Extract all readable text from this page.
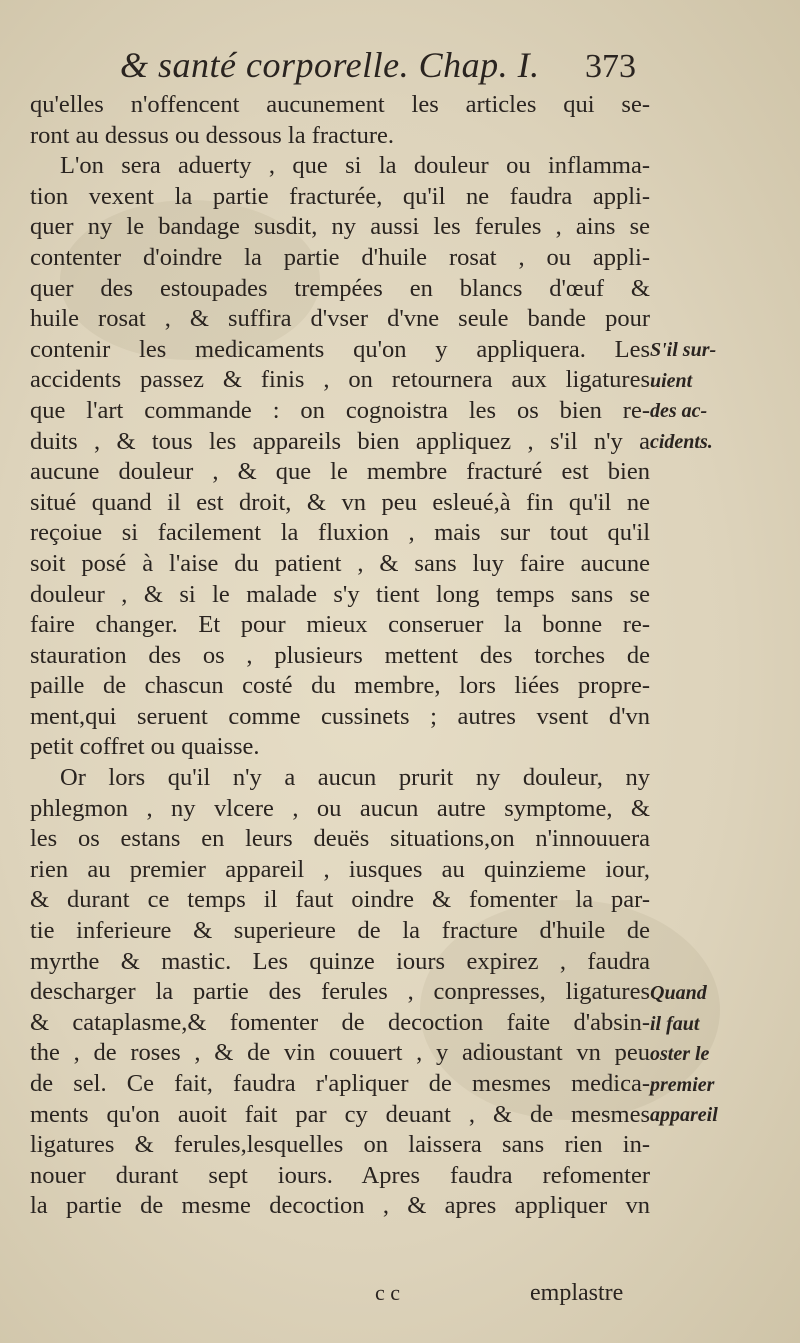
& santé corporelle. Chap. I. 373
qu'elles n'offencent aucunement les articles qui se-
ront au dessus ou dessous la fracture.
L'on sera aduerty , que si la douleur ou inflamma-
tion vexent la partie fracturée, qu'il ne faudra appli-
quer ny le bandage susdit, ny aussi les ferules , ains se
contenter d'oindre la partie d'huile rosat , ou appli-
quer des estoupades trempées en blancs d'œuf &
huile rosat , & suffira d'vser d'vne seule bande pour
contenir les medicaments qu'on y appliquera. Les
accidents passez & finis , on retournera aux ligatures
que l'art commande : on cognoistra les os bien re-
duits , & tous les appareils bien appliquez , s'il n'y a
aucune douleur , & que le membre fracturé est bien
situé quand il est droit, & vn peu esleué,à fin qu'il ne
reçoiue si facilement la fluxion , mais sur tout qu'il
soit posé à l'aise du patient , & sans luy faire aucune
douleur , & si le malade s'y tient long temps sans se
faire changer. Et pour mieux conseruer la bonne re-
stauration des os , plusieurs mettent des torches de
paille de chascun costé du membre, lors liées propre-
ment,qui seruent comme cussinets ; autres vsent d'vn
petit coffret ou quaisse.
Or lors qu'il n'y a aucun prurit ny douleur, ny
phlegmon , ny vlcere , ou aucun autre symptome, &
les os estans en leurs deuës situations,on n'innouuera
rien au premier appareil , iusques au quinzieme iour,
& durant ce temps il faut oindre & fomenter la par-
tie inferieure & superieure de la fracture d'huile de
myrthe & mastic. Les quinze iours expirez , faudra
descharger la partie des ferules , conpresses, ligatures
& cataplasme,& fomenter de decoction faite d'absin-
the , de roses , & de vin couuert , y adioustant vn peu
de sel. Ce fait, faudra r'apliquer de mesmes medica-
ments qu'on auoit fait par cy deuant , & de mesmes
ligatures & ferules,lesquelles on laissera sans rien in-
nouer durant sept iours. Apres faudra refomenter
la partie de mesme decoction , & apres appliquer vn
S'il sur-
uient
des ac-
cidents.
Quand
il faut
oster le
premier
appareil
c c	emplastre
